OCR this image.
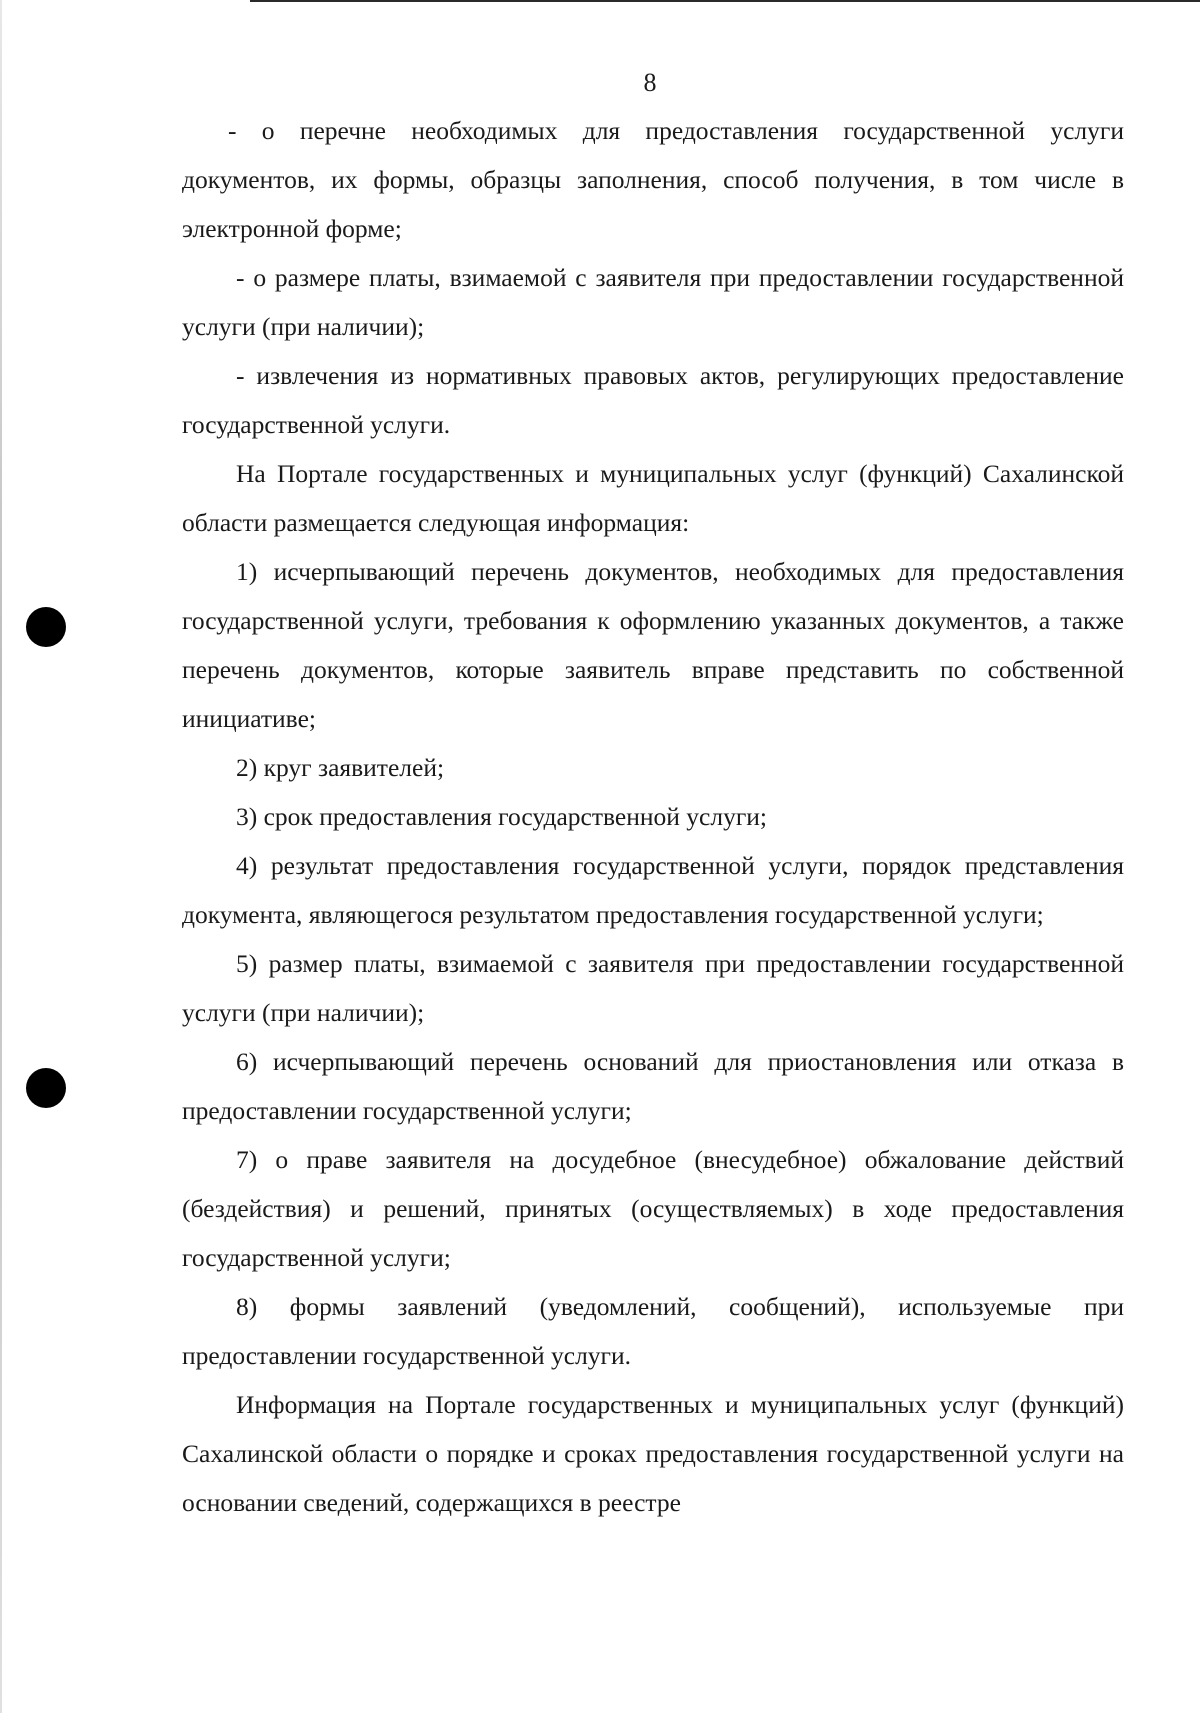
8

- о перечне необходимых для предоставления государственной услуги документов, их формы, образцы заполнения, способ получения, в том числе в электронной форме;

- о размере платы, взимаемой с заявителя при предоставлении государственной услуги (при наличии);

- извлечения из нормативных правовых актов, регулирующих предоставление государственной услуги.

На Портале государственных и муниципальных услуг (функций) Сахалинской области размещается следующая информация:

1) исчерпывающий перечень документов, необходимых для предоставления государственной услуги, требования к оформлению указанных документов, а также перечень документов, которые заявитель вправе представить по собственной инициативе;

2) круг заявителей;

3) срок предоставления государственной услуги;

4) результат предоставления государственной услуги, порядок представления документа, являющегося результатом предоставления государственной услуги;

5) размер платы, взимаемой с заявителя при предоставлении государственной услуги (при наличии);

6) исчерпывающий перечень оснований для приостановления или отказа в предоставлении государственной услуги;

7) о праве заявителя на досудебное (внесудебное) обжалование действий (бездействия) и решений, принятых (осуществляемых) в ходе предоставления государственной услуги;

8) формы заявлений (уведомлений, сообщений), используемые при предоставлении государственной услуги.

Информация на Портале государственных и муниципальных услуг (функций) Сахалинской области о порядке и сроках предоставления государственной услуги на основании сведений, содержащихся в реестре
